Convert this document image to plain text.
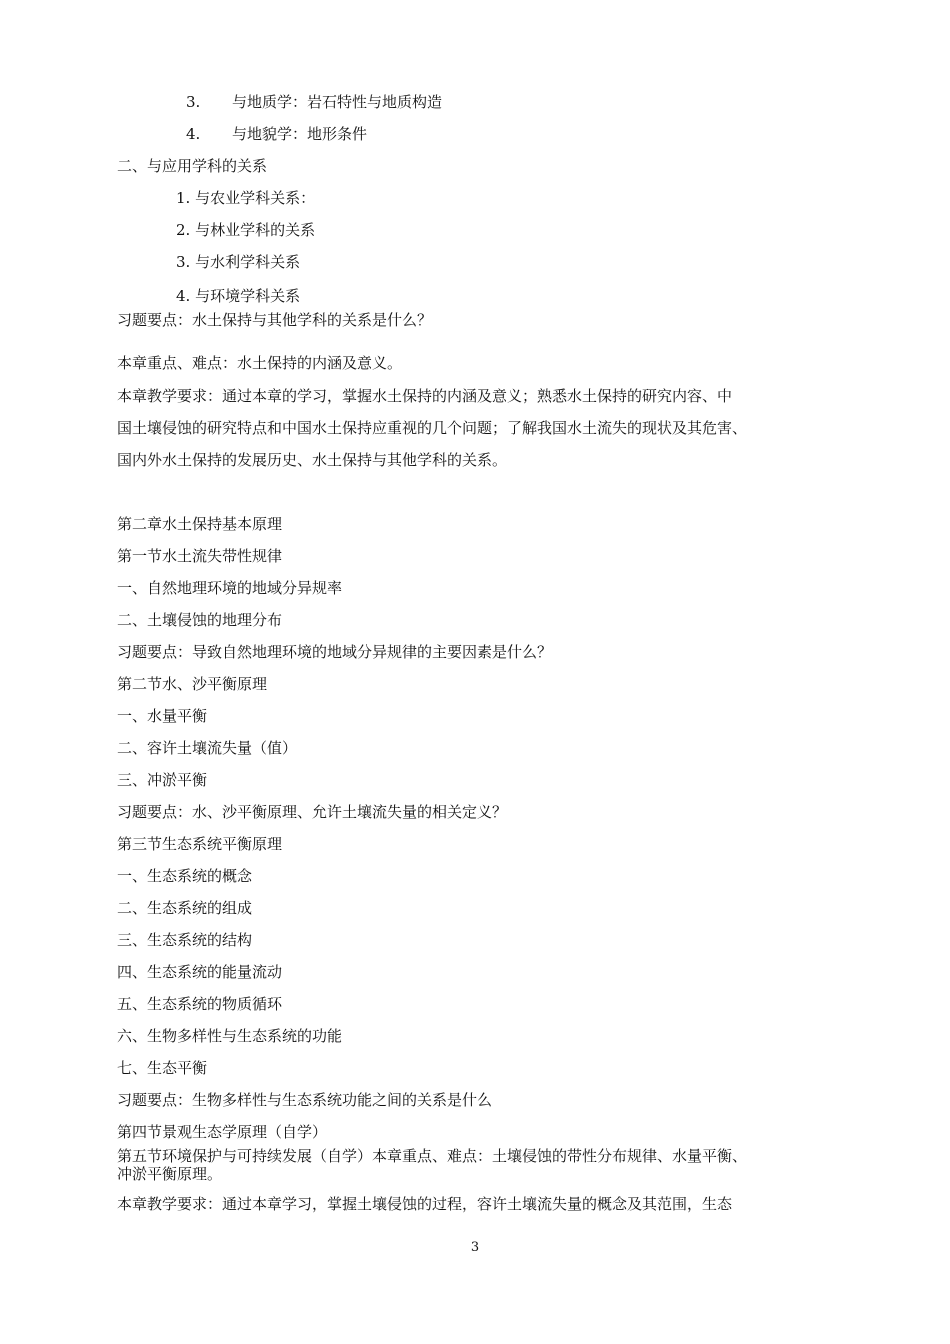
3. 与地质学：岩石特性与地质构造
4. 与地貌学：地形条件
二、与应用学科的关系
1. 与农业学科关系：
2. 与林业学科的关系
3. 与水利学科关系
4. 与环境学科关系
习题要点：水土保持与其他学科的关系是什么？
本章重点、难点：水土保持的内涵及意义。
本章教学要求：通过本章的学习，掌握水土保持的内涵及意义；熟悉水土保持的研究内容、中
国土壤侵蚀的研究特点和中国水土保持应重视的几个问题；了解我国水土流失的现状及其危害、
国内外水土保持的发展历史、水土保持与其他学科的关系。
第二章水土保持基本原理
第一节水土流失带性规律
一、自然地理环境的地域分异规率
二、土壤侵蚀的地理分布
习题要点：导致自然地理环境的地域分异规律的主要因素是什么？
第二节水、沙平衡原理
一、水量平衡
二、容许土壤流失量（值）
三、冲淤平衡
习题要点：水、沙平衡原理、允许土壤流失量的相关定义？
第三节生态系统平衡原理
一、生态系统的概念
二、生态系统的组成
三、生态系统的结构
四、生态系统的能量流动
五、生态系统的物质循环
六、生物多样性与生态系统的功能
七、生态平衡
习题要点：生物多样性与生态系统功能之间的关系是什么
第四节景观生态学原理（自学）
第五节环境保护与可持续发展（自学）本章重点、难点：土壤侵蚀的带性分布规律、水量平衡、
冲淤平衡原理。
本章教学要求：通过本章学习，掌握土壤侵蚀的过程，容许土壤流失量的概念及其范围，生态
3
